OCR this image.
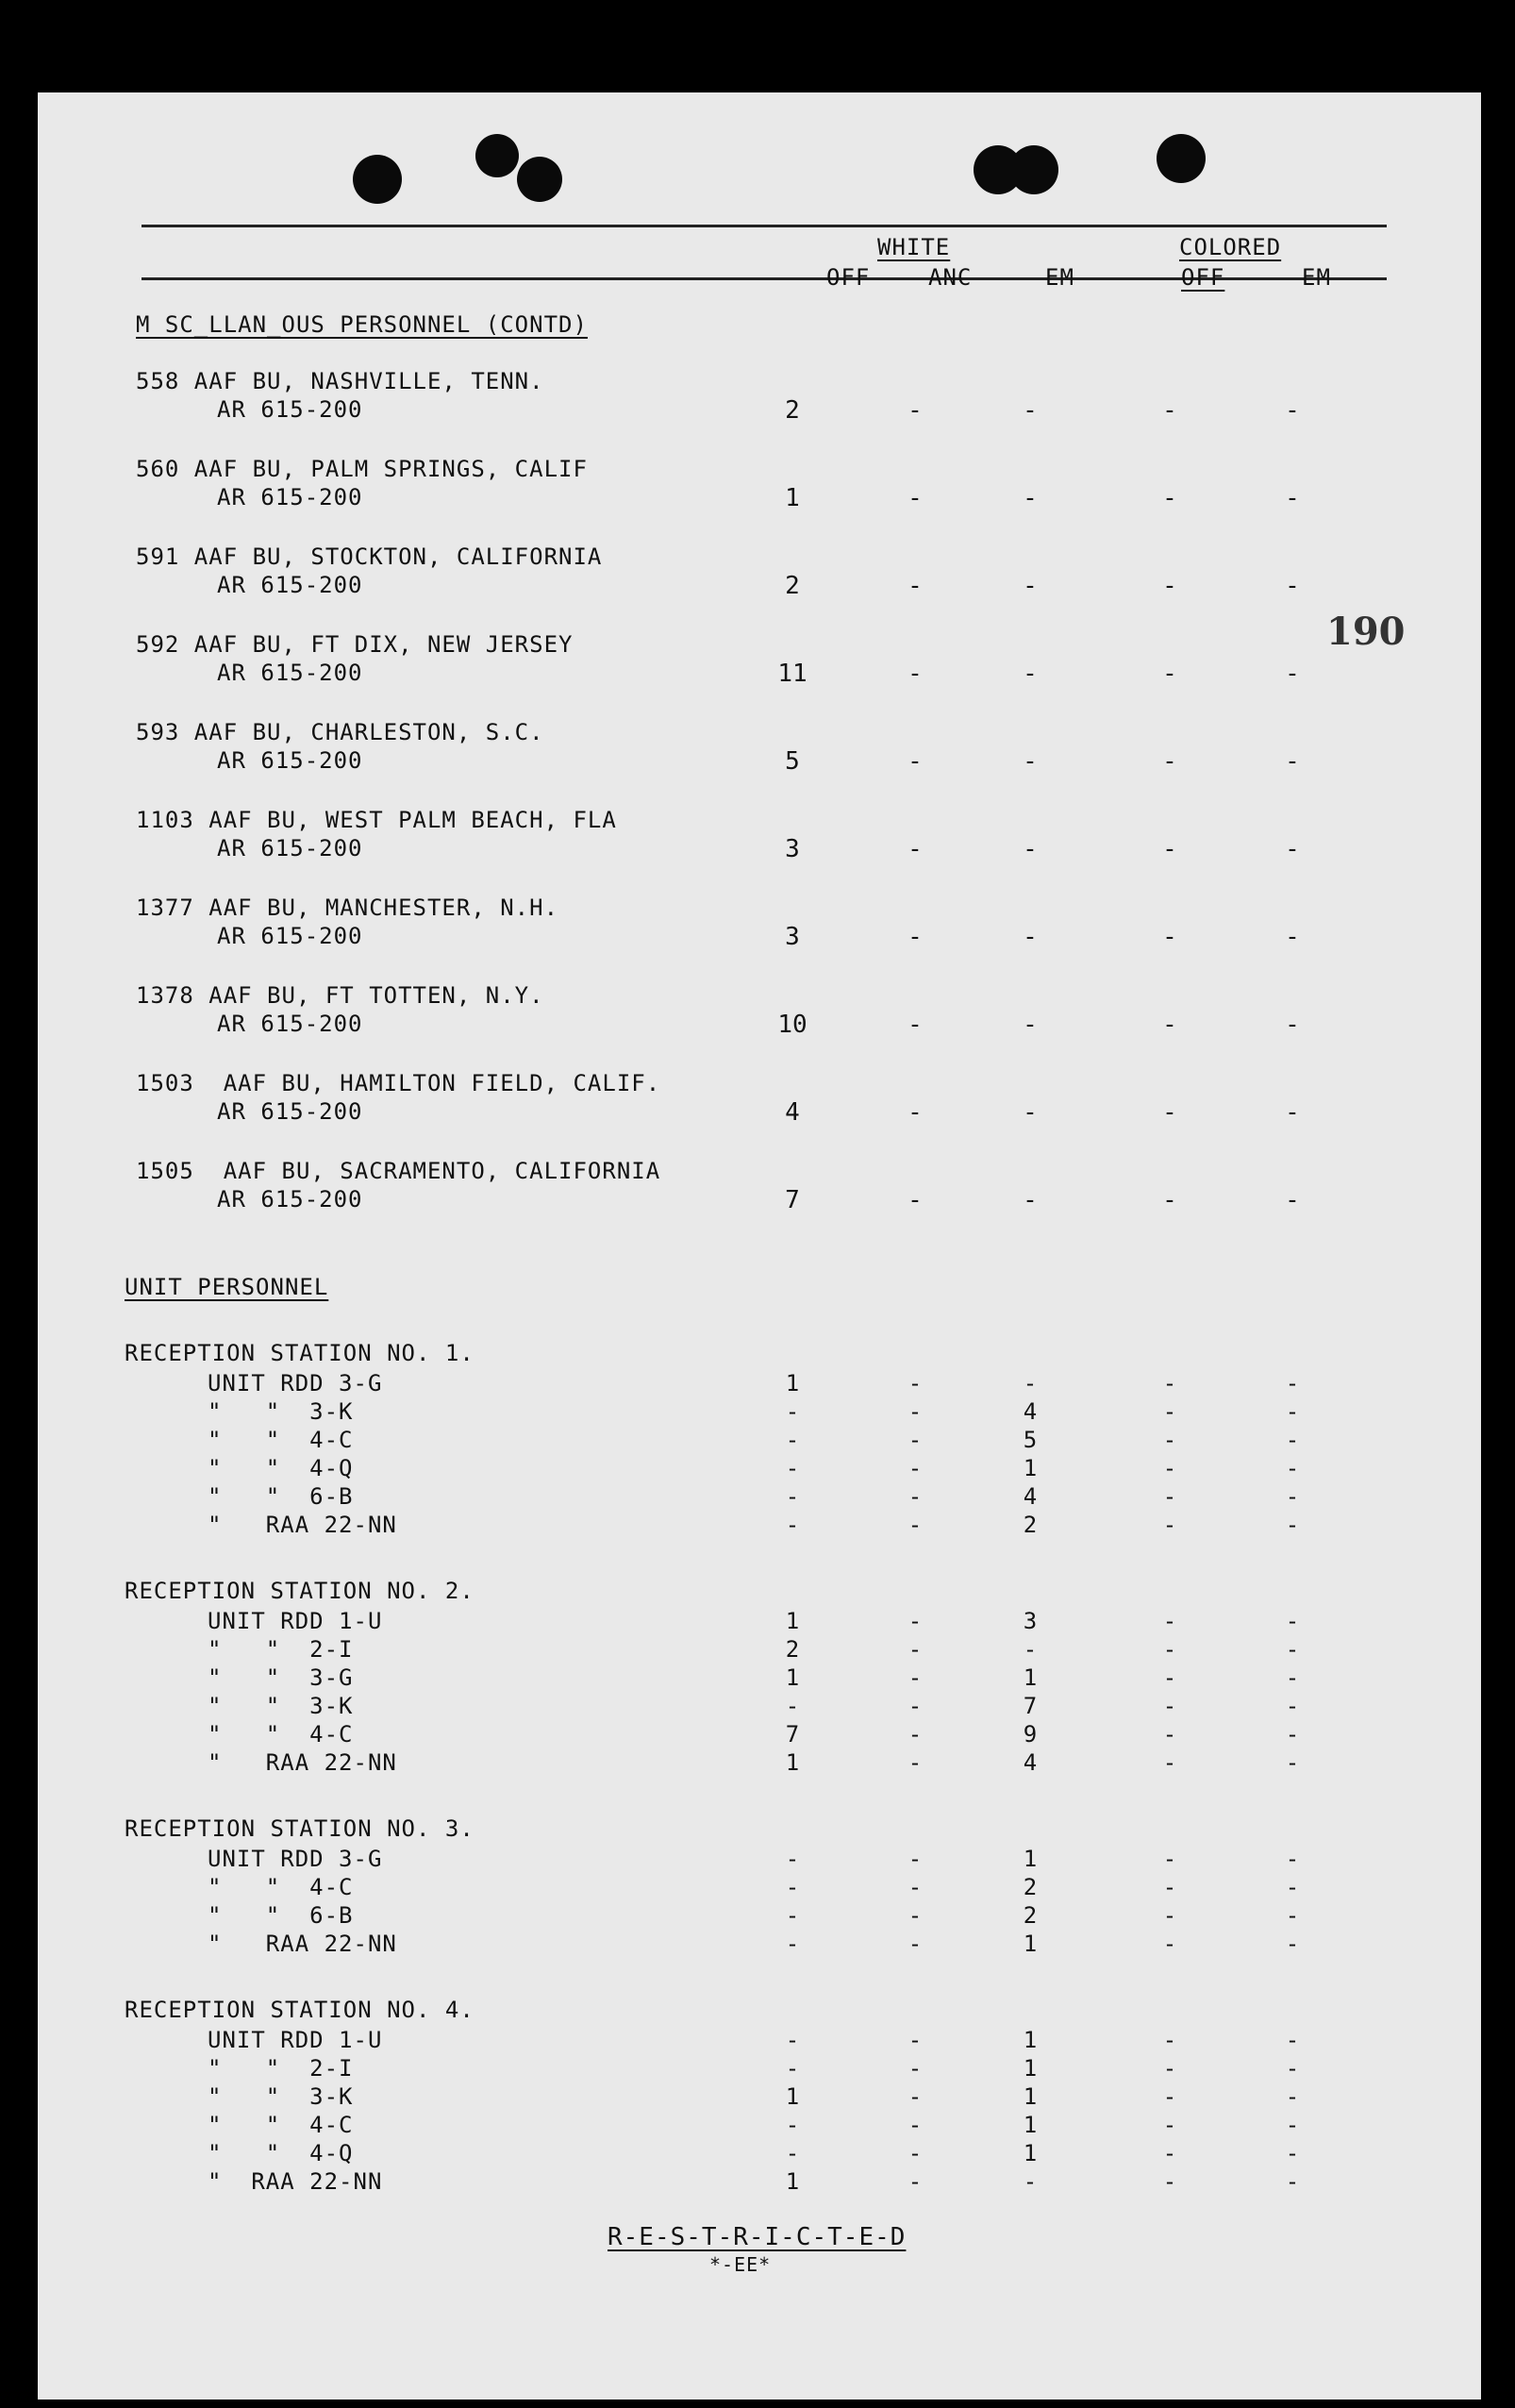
190
WHITE	COLORED
OFF	ANC	EM	OFF	EM
M SC_LLAN_OUS PERSONNEL (CONTD)
558 AAF BU, NASHVILLE, TENN.
AR 615-200	2	-	-	-	-
560 AAF BU, PALM SPRINGS, CALIF
AR 615-200	1	-	-	-	-
591 AAF BU, STOCKTON, CALIFORNIA
AR 615-200	2	-	-	-	-
592 AAF BU, FT DIX, NEW JERSEY
AR 615-200	11	-	-	-	-
593 AAF BU, CHARLESTON, S.C.
AR 615-200	5	-	-	-	-
1103 AAF BU, WEST PALM BEACH, FLA
AR 615-200	3	-	-	-	-
1377 AAF BU, MANCHESTER, N.H.
AR 615-200	3	-	-	-	-
1378 AAF BU, FT TOTTEN, N.Y.
AR 615-200	10	-	-	-	-
1503  AAF BU, HAMILTON FIELD, CALIF.
AR 615-200	4	-	-	-	-
1505  AAF BU, SACRAMENTO, CALIFORNIA
AR 615-200	7	-	-	-	-
UNIT PERSONNEL
RECEPTION STATION NO. 1.
UNIT RDD 3-G	1	-	-	-	-
"   "  3-K	-	-	4	-	-
"   "  4-C	-	-	5	-	-
"   "  4-Q	-	-	1	-	-
"   "  6-B	-	-	4	-	-
"   RAA 22-NN	-	-	2	-	-
RECEPTION STATION NO. 2.
UNIT RDD 1-U	1	-	3	-	-
"   "  2-I	2	-	-	-	-
"   "  3-G	1	-	1	-	-
"   "  3-K	-	-	7	-	-
"   "  4-C	7	-	9	-	-
"   RAA 22-NN	1	-	4	-	-
RECEPTION STATION NO. 3.
UNIT RDD 3-G	-	-	1	-	-
"   "  4-C	-	-	2	-	-
"   "  6-B	-	-	2	-	-
"   RAA 22-NN	-	-	1	-	-
RECEPTION STATION NO. 4.
UNIT RDD 1-U	-	-	1	-	-
"   "  2-I	-	-	1	-	-
"   "  3-K	1	-	1	-	-
"   "  4-C	-	-	1	-	-
"   "  4-Q	-	-	1	-	-
"  RAA 22-NN	1	-	-	-	-
R-E-S-T-R-I-C-T-E-D
*-EE*
